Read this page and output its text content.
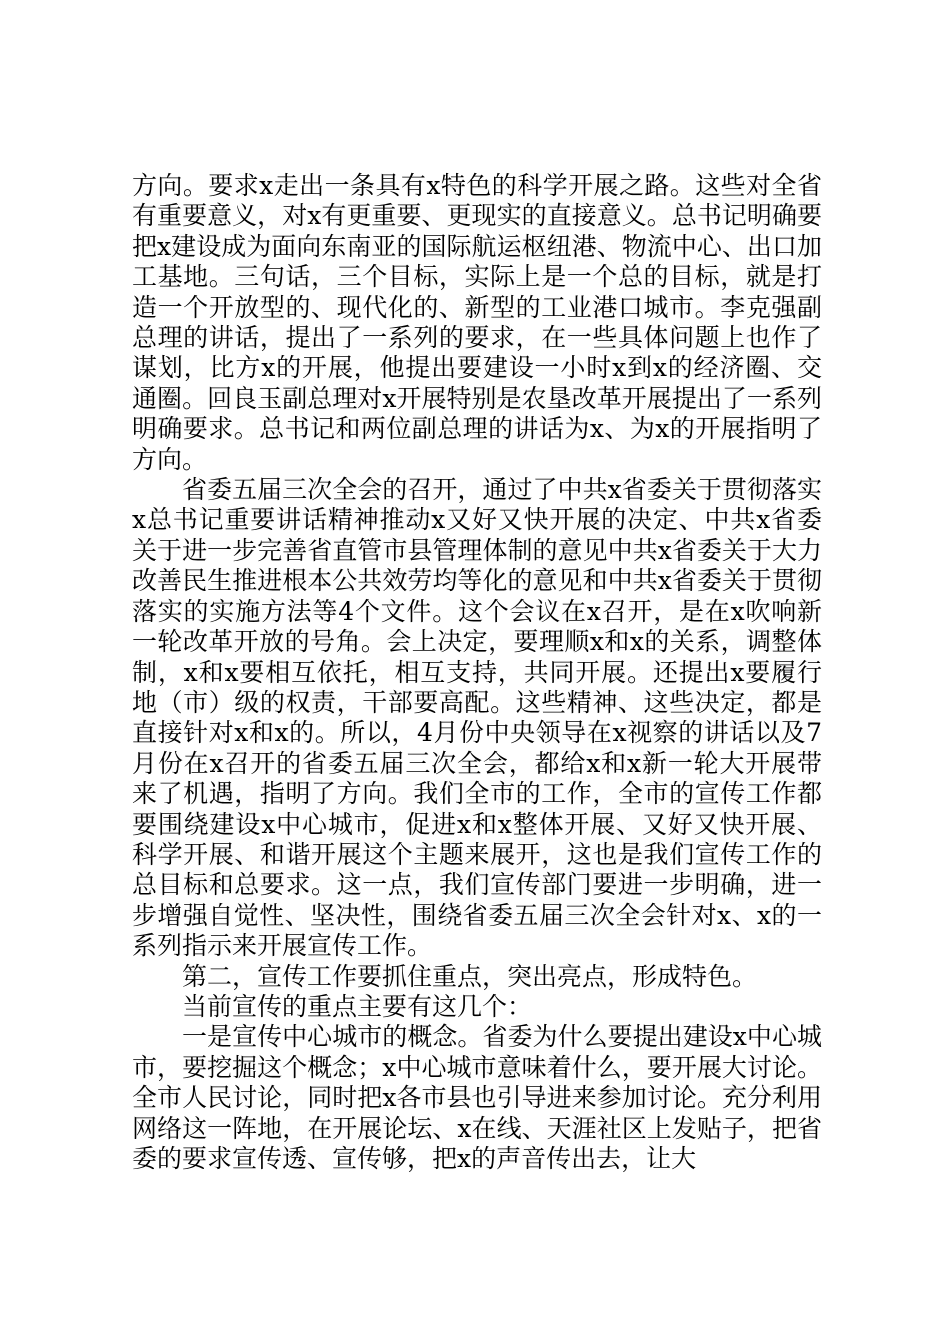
方向。要求x走出一条具有x特色的科学开展之路。这些对全省有重要意义，对x有更重要、更现实的直接意义。总书记明确要把x建设成为面向东南亚的国际航运枢纽港、物流中心、出口加工基地。三句话，三个目标，实际上是一个总的目标，就是打造一个开放型的、现代化的、新型的工业港口城市。李克强副总理的讲话，提出了一系列的要求，在一些具体问题上也作了谋划，比方x的开展，他提出要建设一小时x到x的经济圈、交通圈。回良玉副总理对x开展特别是农垦改革开展提出了一系列明确要求。总书记和两位副总理的讲话为x、为x的开展指明了方向。

省委五届三次全会的召开，通过了中共x省委关于贯彻落实x总书记重要讲话精神推动x又好又快开展的决定、中共x省委关于进一步完善省直管市县管理体制的意见中共x省委关于大力改善民生推进根本公共效劳均等化的意见和中共x省委关于贯彻落实的实施方法等4个文件。这个会议在x召开，是在x吹响新一轮改革开放的号角。会上决定，要理顺x和x的关系，调整体制，x和x要相互依托，相互支持，共同开展。还提出x要履行地（市）级的权责，干部要高配。这些精神、这些决定，都是直接针对x和x的。所以，4月份中央领导在x视察的讲话以及7月份在x召开的省委五届三次全会，都给x和x新一轮大开展带来了机遇，指明了方向。我们全市的工作，全市的宣传工作都要围绕建设x中心城市，促进x和x整体开展、又好又快开展、科学开展、和谐开展这个主题来展开，这也是我们宣传工作的总目标和总要求。这一点，我们宣传部门要进一步明确，进一步增强自觉性、坚决性，围绕省委五届三次全会针对x、x的一系列指示来开展宣传工作。

第二，宣传工作要抓住重点，突出亮点，形成特色。

当前宣传的重点主要有这几个：

一是宣传中心城市的概念。省委为什么要提出建设x中心城市，要挖掘这个概念；x中心城市意味着什么，要开展大讨论。全市人民讨论，同时把x各市县也引导进来参加讨论。充分利用网络这一阵地，在开展论坛、x在线、天涯社区上发贴子，把省委的要求宣传透、宣传够，把x的声音传出去，让大
